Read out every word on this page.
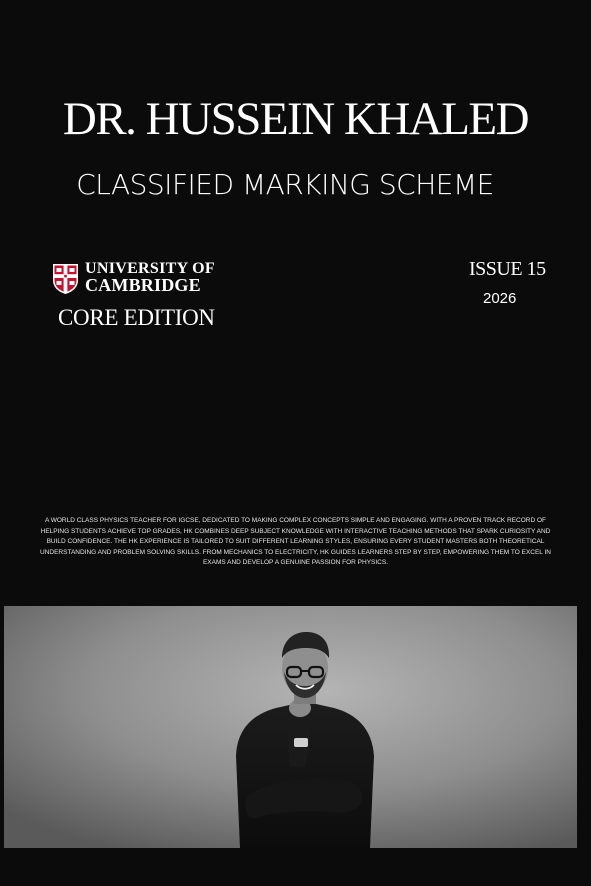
DR. HUSSEIN KHALED
CLASSIFIED MARKING SCHEME
UNIVERSITY OF
CAMBRIDGE
CORE EDITION
ISSUE 15
2026
A WORLD CLASS PHYSICS TEACHER FOR IGCSE, DEDICATED TO MAKING COMPLEX CONCEPTS SIMPLE AND ENGAGING. WITH A PROVEN TRACK RECORD OF HELPING STUDENTS ACHIEVE TOP GRADES, HK COMBINES DEEP SUBJECT KNOWLEDGE WITH INTERACTIVE TEACHING METHODS THAT SPARK CURIOSITY AND BUILD CONFIDENCE. THE HK EXPERIENCE IS TAILORED TO SUIT DIFFERENT LEARNING STYLES, ENSURING EVERY STUDENT MASTERS BOTH THEORETICAL UNDERSTANDING AND PROBLEM SOLVING SKILLS. FROM MECHANICS TO ELECTRICITY, HK GUIDES LEARNERS STEP BY STEP, EMPOWERING THEM TO EXCEL IN EXAMS AND DEVELOP A GENUINE PASSION FOR PHYSICS.
